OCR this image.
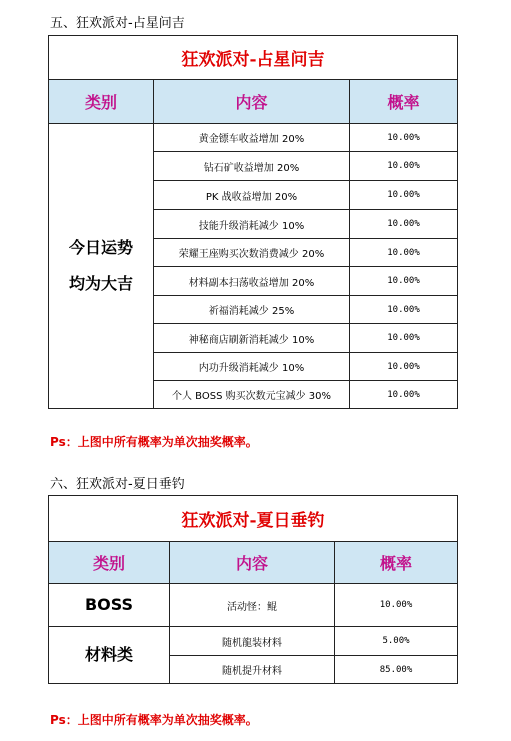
五、狂欢派对-占星问吉
狂欢派对-占星问吉		
类别	内容	概率

今日运势
均为大吉	黄金镖车收益增加 20%	10.00%
	钻石矿收益增加 20%	10.00%
	PK 战收益增加 20%	10.00%
	技能升级消耗减少 10%	10.00%
	荣耀王座购买次数消费减少 20%	10.00%
	材料副本扫荡收益增加 20%	10.00%
	祈福消耗减少 25%	10.00%
	神秘商店刷新消耗减少 10%	10.00%
	内功升级消耗减少 10%	10.00%
	个人 BOSS 购买次数元宝减少 30%	10.00%
Ps：上图中所有概率为单次抽奖概率。
六、狂欢派对-夏日垂钓
狂欢派对-夏日垂钓		
类别	内容	概率
BOSS	活动怪：鲲	10.00%
材料类	随机龍装材料	5.00%
	随机提升材料	85.00%
Ps：上图中所有概率为单次抽奖概率。
